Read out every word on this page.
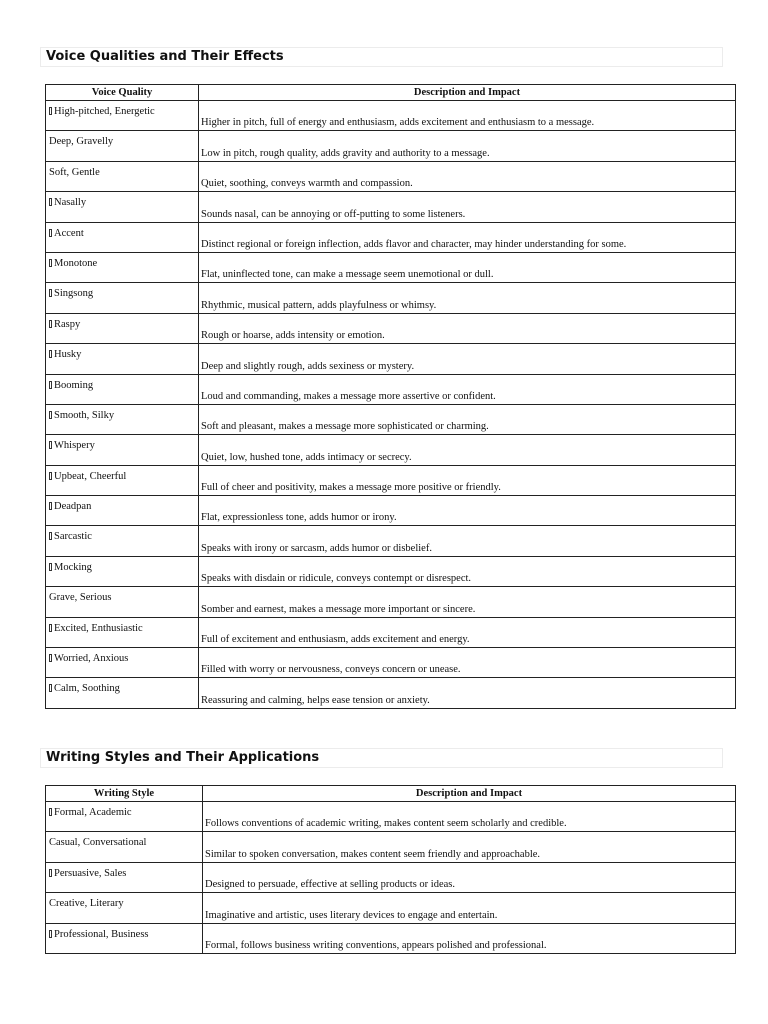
Voice Qualities and Their Effects
Voice Quality	Description and Impact
High-pitched, Energetic	Higher in pitch, full of energy and enthusiasm, adds excitement and enthusiasm to a message.
Deep, Gravelly	Low in pitch, rough quality, adds gravity and authority to a message.
Soft, Gentle	Quiet, soothing, conveys warmth and compassion.
Nasally	Sounds nasal, can be annoying or off-putting to some listeners.
Accent	Distinct regional or foreign inflection, adds flavor and character, may hinder understanding for some.
Monotone	Flat, uninflected tone, can make a message seem unemotional or dull.
Singsong	Rhythmic, musical pattern, adds playfulness or whimsy.
Raspy	Rough or hoarse, adds intensity or emotion.
Husky	Deep and slightly rough, adds sexiness or mystery.
Booming	Loud and commanding, makes a message more assertive or confident.
Smooth, Silky	Soft and pleasant, makes a message more sophisticated or charming.
Whispery	Quiet, low, hushed tone, adds intimacy or secrecy.
Upbeat, Cheerful	Full of cheer and positivity, makes a message more positive or friendly.
Deadpan	Flat, expressionless tone, adds humor or irony.
Sarcastic	Speaks with irony or sarcasm, adds humor or disbelief.
Mocking	Speaks with disdain or ridicule, conveys contempt or disrespect.
Grave, Serious	Somber and earnest, makes a message more important or sincere.
Excited, Enthusiastic	Full of excitement and enthusiasm, adds excitement and energy.
Worried, Anxious	Filled with worry or nervousness, conveys concern or unease.
Calm, Soothing	Reassuring and calming, helps ease tension or anxiety.
Writing Styles and Their Applications
Writing Style	Description and Impact
Formal, Academic	Follows conventions of academic writing, makes content seem scholarly and credible.
Casual, Conversational	Similar to spoken conversation, makes content seem friendly and approachable.
Persuasive, Sales	Designed to persuade, effective at selling products or ideas.
Creative, Literary	Imaginative and artistic, uses literary devices to engage and entertain.
Professional, Business	Formal, follows business writing conventions, appears polished and professional.
